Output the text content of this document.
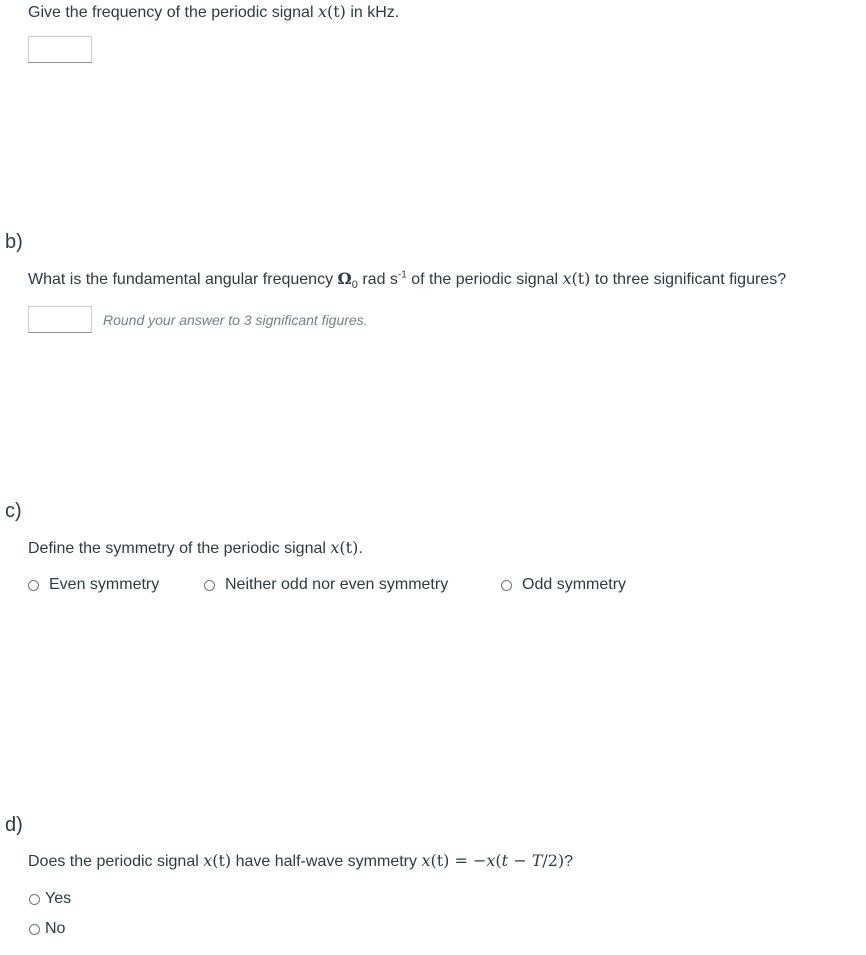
Give the frequency of the periodic signal x(t) in kHz.
b)
What is the fundamental angular frequency $\Omega_0$ rad $s^{-1}$ of the periodic signal x(t) to three significant figures?
Round your answer to 3 significant figures.
c)
Define the symmetry of the periodic signal x(t).
Even symmetry	Neither odd nor even symmetry	Odd symmetry
d)
Does the periodic signal x(t) have half-wave symmetry x(t) = −x(t − T/2)?
Yes
No
